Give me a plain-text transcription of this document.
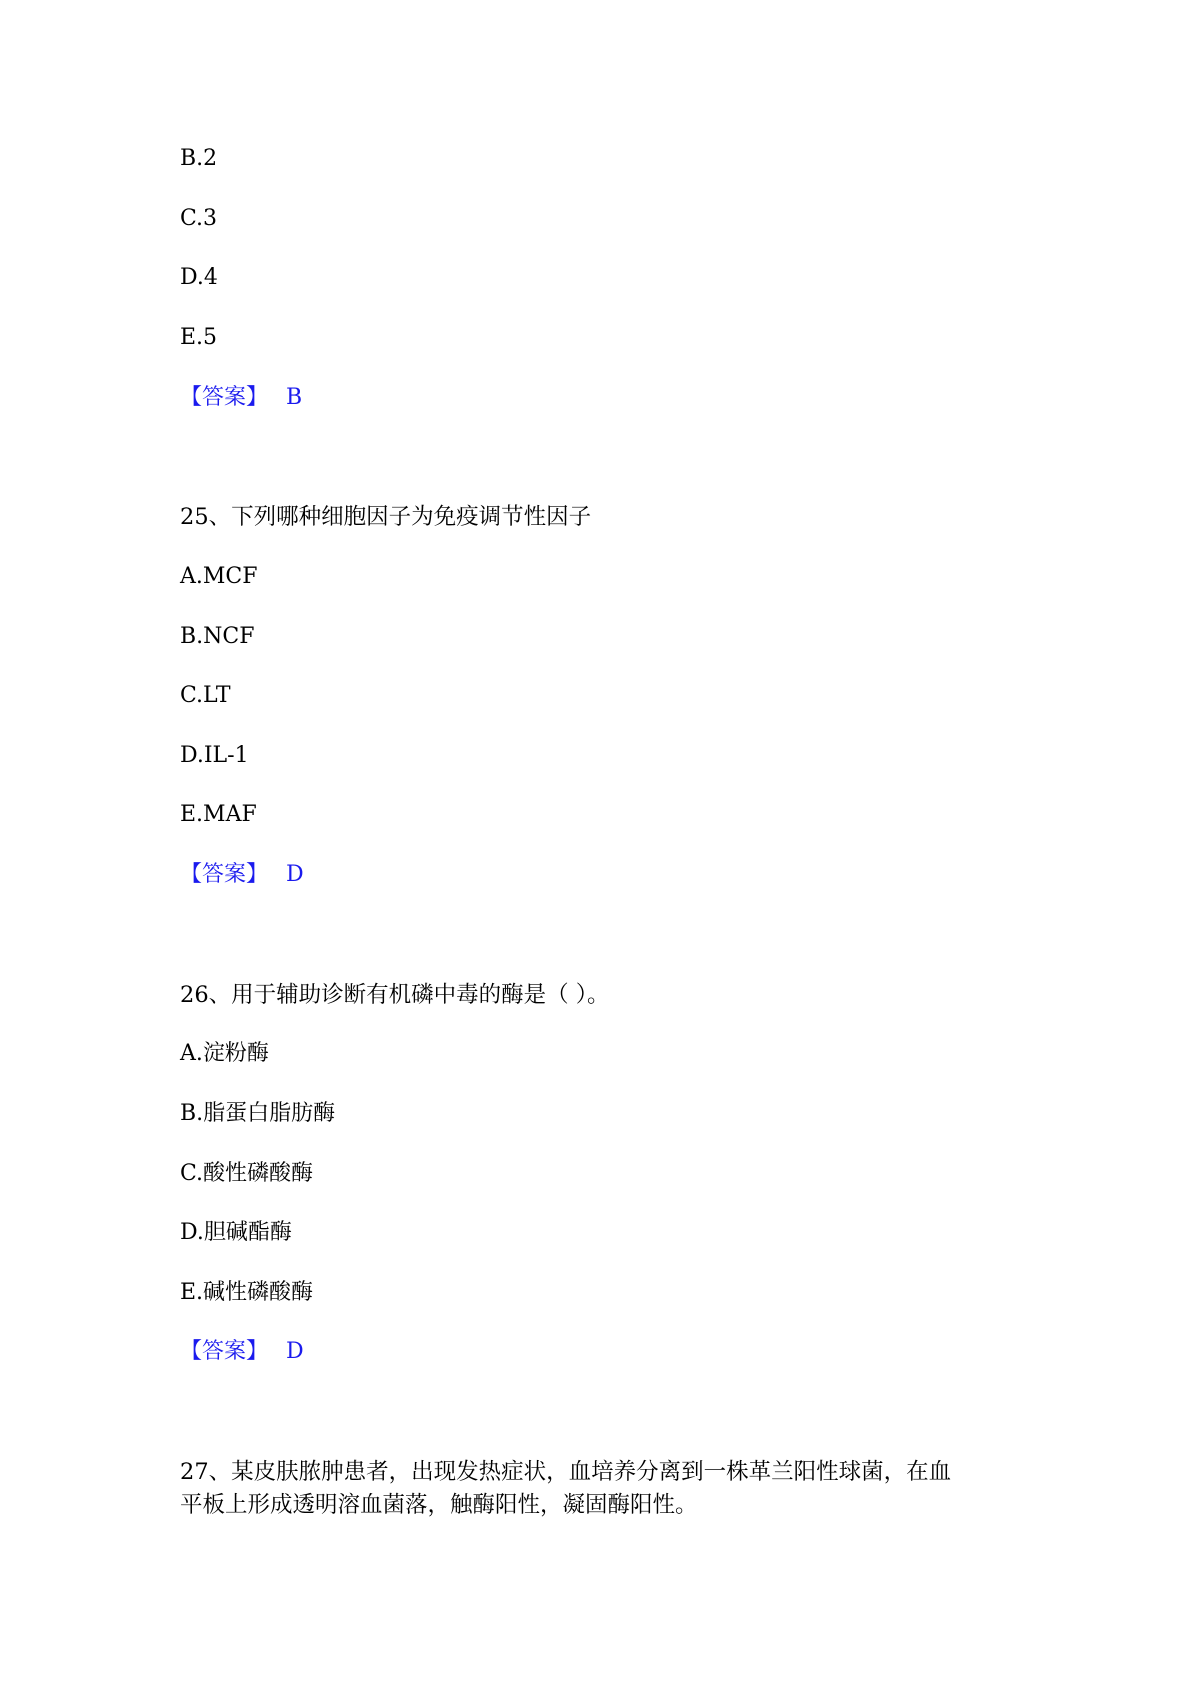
B.2
C.3
D.4
E.5
【答案】 B
25、下列哪种细胞因子为免疫调节性因子
A.MCF
B.NCF
C.LT
D.IL-1
E.MAF
【答案】 D
26、用于辅助诊断有机磷中毒的酶是（ ）。
A.淀粉酶
B.脂蛋白脂肪酶
C.酸性磷酸酶
D.胆碱酯酶
E.碱性磷酸酶
【答案】 D
27、某皮肤脓肿患者，出现发热症状，血培养分离到一株革兰阳性球菌，在血
平板上形成透明溶血菌落，触酶阳性，凝固酶阳性。
